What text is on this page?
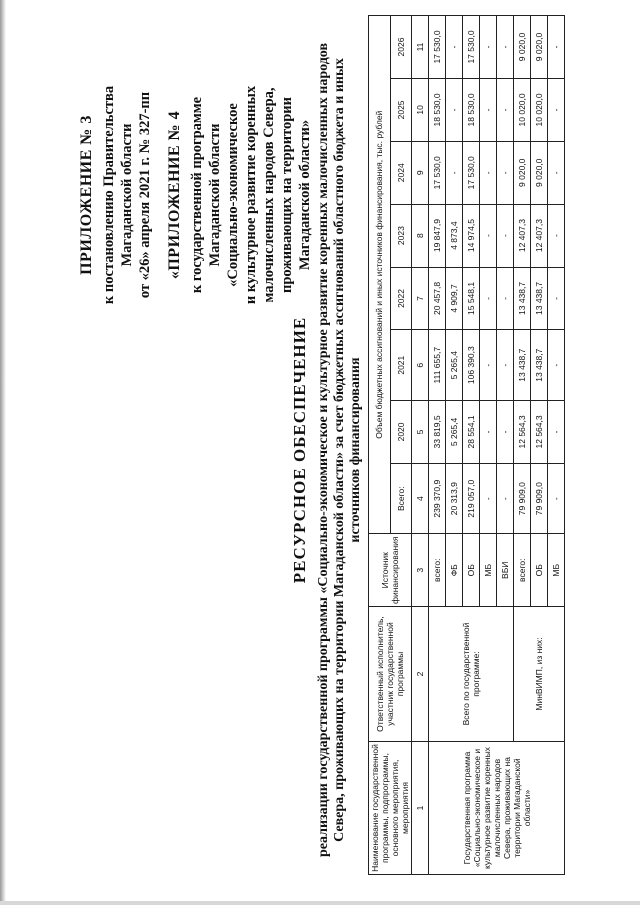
ПРИЛОЖЕНИЕ № 3 к постановлению Правительства Магаданской области от «26» апреля 2021 г. № 327-пп «ПРИЛОЖЕНИЕ № 4 к государственной программе Магаданской области «Социально-экономическое и культурное развитие коренных малочисленных народов Севера, проживающих на территории Магаданской области»
РЕСУРСНОЕ ОБЕСПЕЧЕНИЕ реализации государственной программы «Социально-экономическое и культурное развитие коренных малочисленных народов Севера, проживающих на территории Магаданской области» за счет бюджетных ассигнований областного бюджета и иных источников финансирования
Наименование государственной программы, подпрограммы, основного мероприятия, мероприятия	Ответственный исполнитель, участник государственной программы	Источник финансирования	Объем бюджетных ассигнований и иных источников финансирования, тыс. рублей							
			Всего:	2020	2021	2022	2023	2024	2025	2026
1	2	3	4	5	6	7	8	9	10	11
Государственная программа «Социально-экономическое и культурное развитие коренных малочисленных народов Севера, проживающих на территории Магаданской области»	Всего по государственной программе:	всего:	239 370,9	33 819,5	111 655,7	20 457,8	19 847,9	17 530,0	18 530,0	17 530,0
		ФБ	20 313,9	5 265,4	5 265,4	4 909,7	4 873,4	-	-	-
		ОБ	219 057,0	28 554,1	106 390,3	15 548,1	14 974,5	17 530,0	18 530,0	17 530,0
		МБ	-	-	-	-	-	-	-	-
		ВБИ	-	-	-	-	-	-	-	-
	МинВИМП, из них:	всего:	79 909,0	12 564,3	13 438,7	13 438,7	12 407,3	9 020,0	10 020,0	9 020,0
		ОБ	79 909,0	12 564,3	13 438,7	13 438,7	12 407,3	9 020,0	10 020,0	9 020,0
		МБ	-	-	-	-	-	-	-	-
